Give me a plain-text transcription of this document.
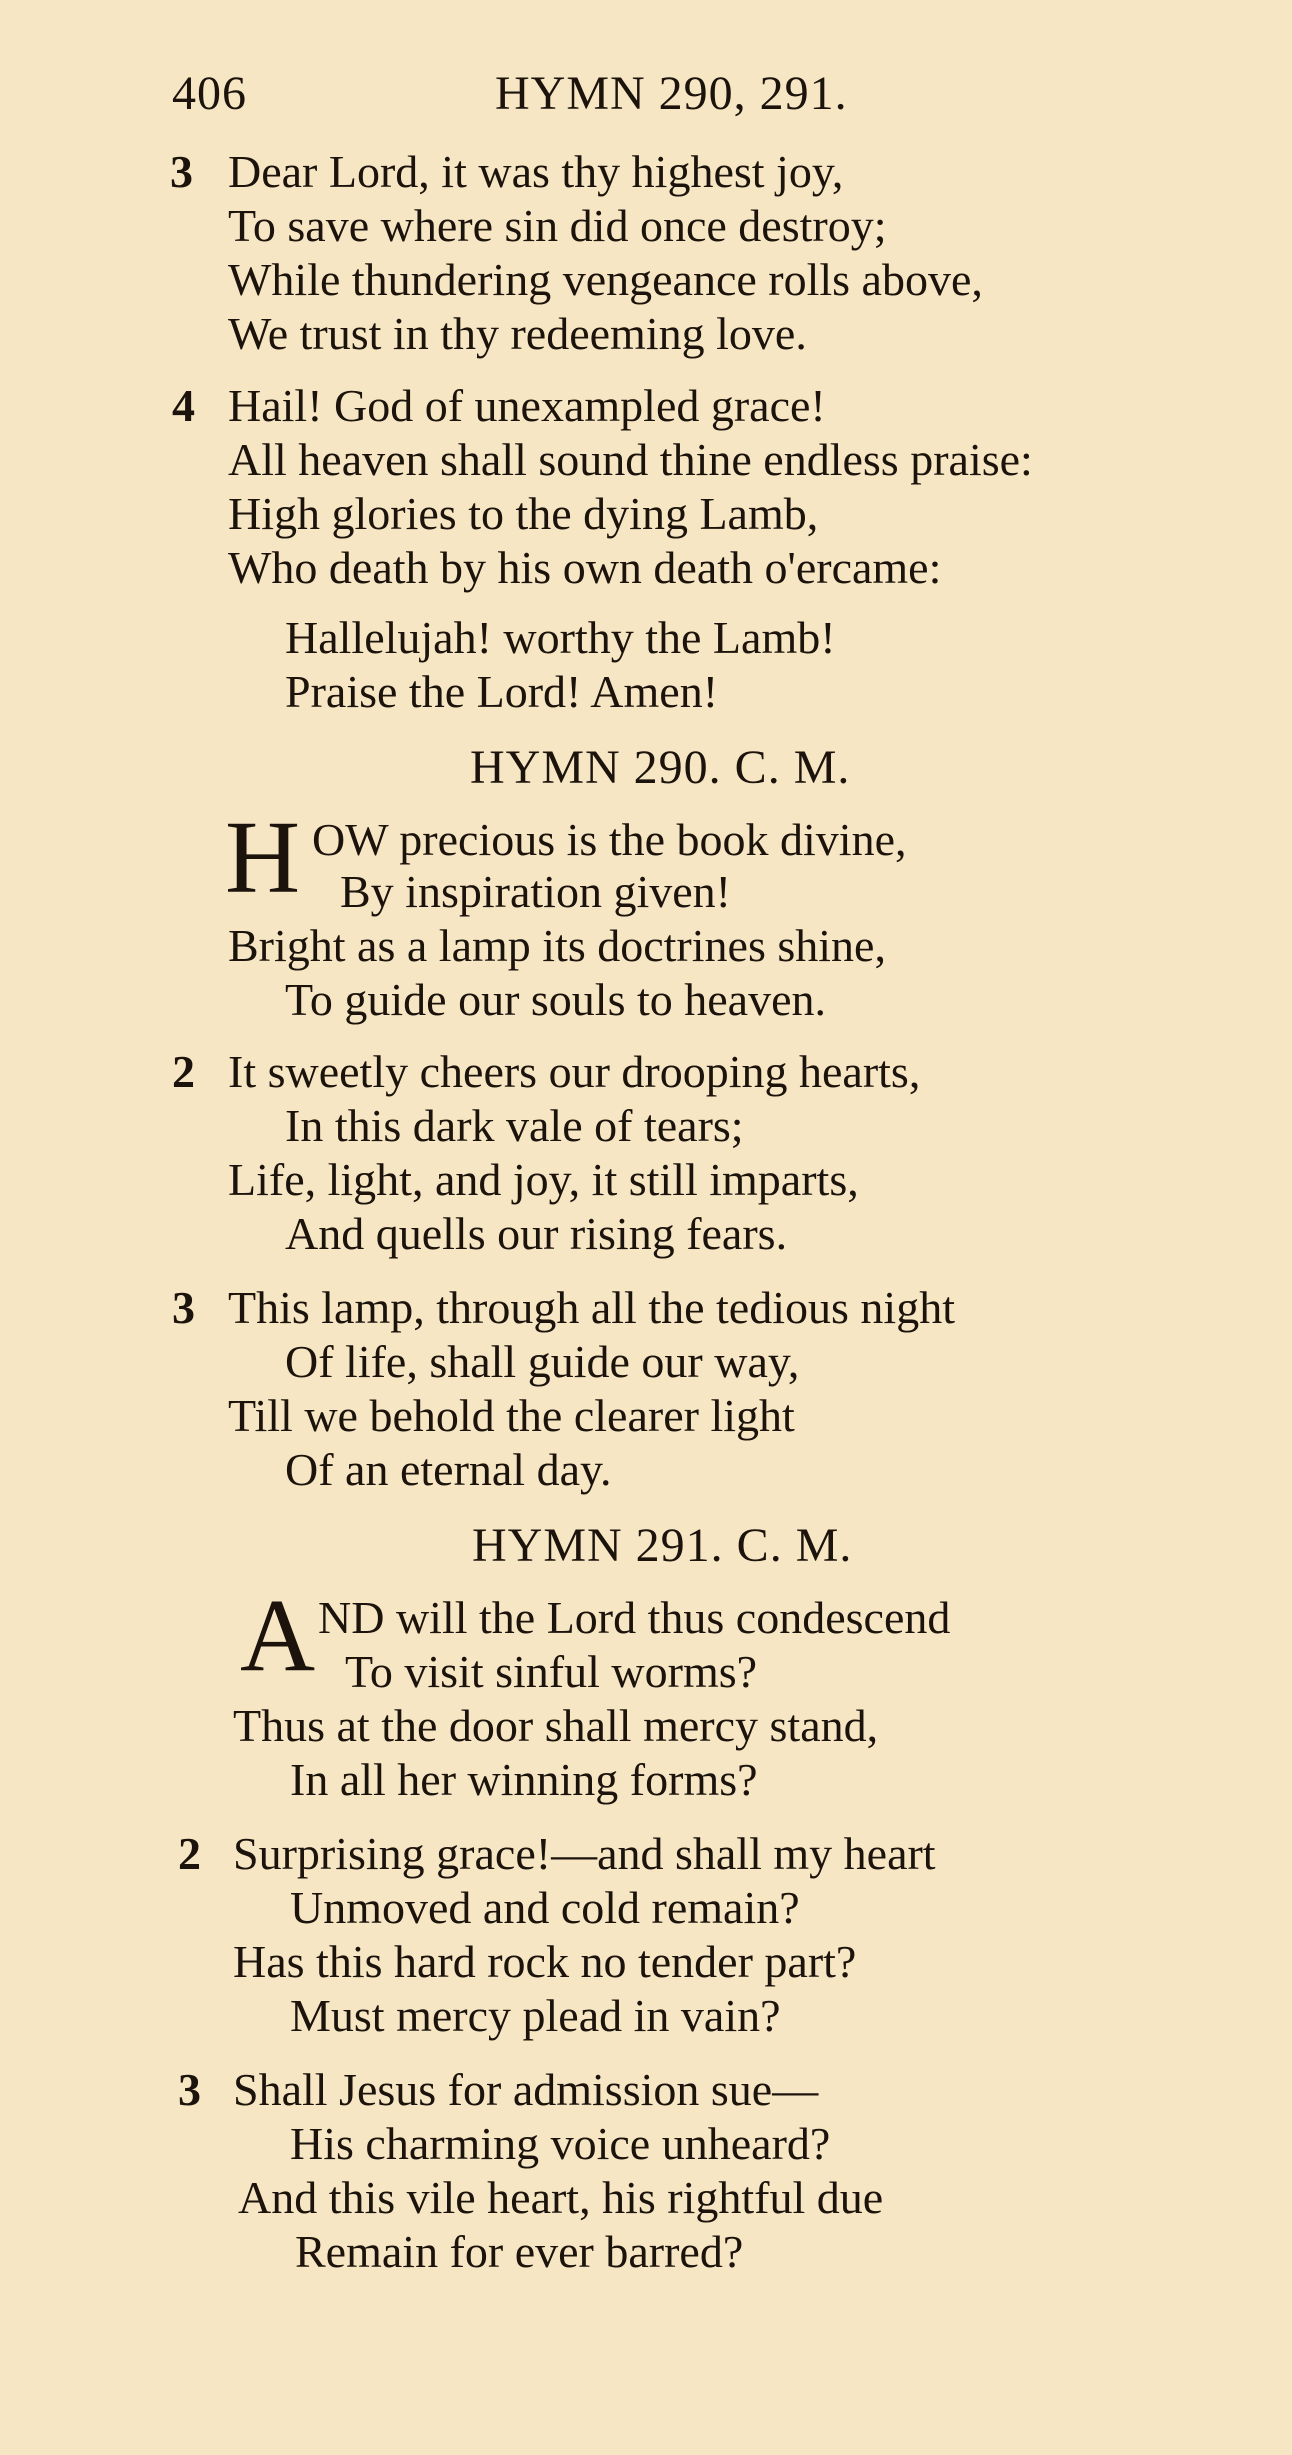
406	HYMN 290, 291.
3 Dear Lord, it was thy highest joy,
To save where sin did once destroy;
While thundering vengeance rolls above,
We trust in thy redeeming love.
4 Hail! God of unexampled grace!
All heaven shall sound thine endless praise:
High glories to the dying Lamb,
Who death by his own death o'ercame:
Hallelujah! worthy the Lamb!
Praise the Lord! Amen!
HYMN 290. C. M.
H OW precious is the book divine,
By inspiration given!
Bright as a lamp its doctrines shine,
To guide our souls to heaven.
2 It sweetly cheers our drooping hearts,
In this dark vale of tears;
Life, light, and joy, it still imparts,
And quells our rising fears.
3 This lamp, through all the tedious night
Of life, shall guide our way,
Till we behold the clearer light
Of an eternal day.
HYMN 291. C. M.
A ND will the Lord thus condescend
To visit sinful worms?
Thus at the door shall mercy stand,
In all her winning forms?
2 Surprising grace!—and shall my heart
Unmoved and cold remain?
Has this hard rock no tender part?
Must mercy plead in vain?
3 Shall Jesus for admission sue—
His charming voice unheard?
And this vile heart, his rightful due
Remain for ever barred?
